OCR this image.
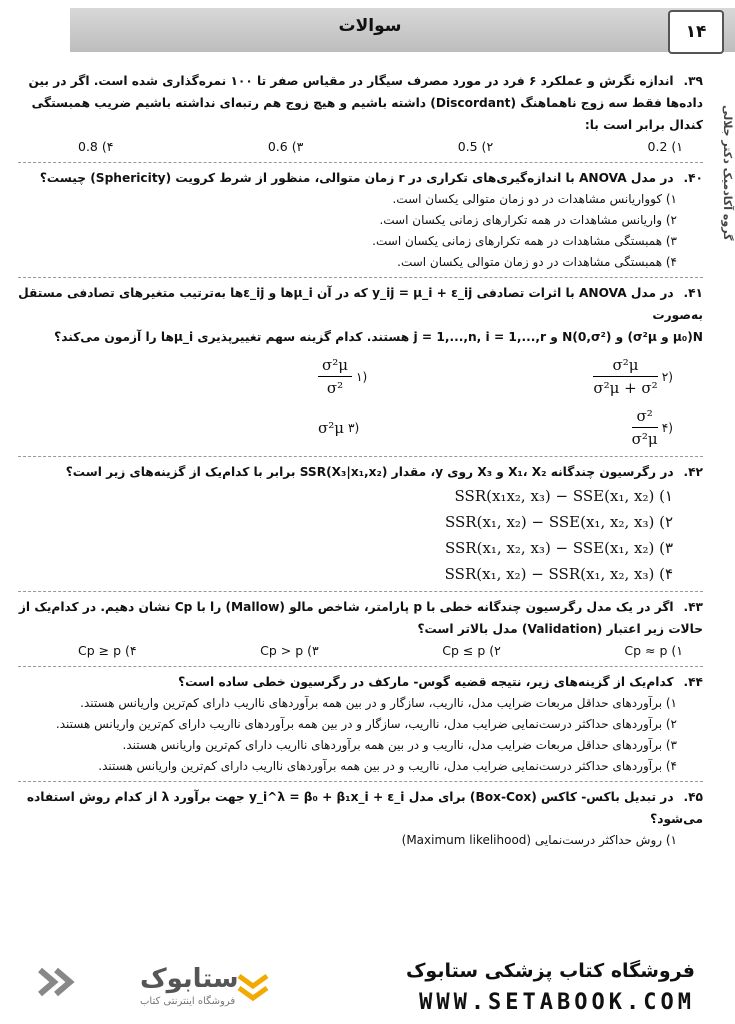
سوالات	۱۴
گروه آکادمیک دکتر جلالی
۳۹. اندازه نگرش و عملکرد ۶ فرد در مورد مصرف سیگار در مقیاس صفر تا ۱۰۰ نمره‌گذاری شده است. اگر در بین داده‌ها فقط سه زوج ناهماهنگ (Discordant) داشته باشیم و هیچ زوج هم رتبه‌ای نداشته باشیم ضریب همبستگی کندال برابر است با:
۱) 0.2
۲) 0.5
۳) 0.6
۴) 0.8
۴۰. در مدل ANOVA با اندازه‌گیری‌های تکراری در r زمان متوالی، منظور از شرط کرویت (Sphericity) چیست؟
۱) کوواریانس مشاهدات در دو زمان متوالی یکسان است.
۲) واریانس مشاهدات در همه تکرارهای زمانی یکسان است.
۳) همبستگی مشاهدات در همه تکرارهای زمانی یکسان است.
۴) همبستگی مشاهدات در دو زمان متوالی یکسان است.
۴۱. در مدل ANOVA با اثرات تصادفی y_ij = μ_i + ε_ij که در آن μ_iها و ε_ijها به‌ترتیب متغیرهای تصادفی مستقل به‌صورت
N(μ₀ و σ²μ) و N(0,σ²) و j = 1,...,n, i = 1,...,r هستند. کدام گزینه سهم تغییرپذیری μ_iها را آزمون می‌کند؟
$\frac{\text{σ²μ}}{\text{σ²μ + σ²}}$ ۲)
$\frac{\text{σ²μ}}{\text{σ²}}$ ۱)
$\frac{\text{σ²}}{\text{σ²μ}}$ ۴)
σ²μ ۳)
۴۲. در رگرسیون چندگانه X₁، X₂ و X₃ روی y، مقدار SSR(X₃|x₁,x₂) برابر با کدام‌یک از گزینه‌های زیر است؟
SSR(x₁x₂, x₃) − SSE(x₁, x₂) (۱
SSR(x₁, x₂) − SSE(x₁, x₂, x₃) (۲
SSR(x₁, x₂, x₃) − SSE(x₁, x₂) (۳
SSR(x₁, x₂) − SSR(x₁, x₂, x₃) (۴
۴۳. اگر در یک مدل رگرسیون چندگانه خطی با p پارامتر، شاخص مالو (Mallow) را با Cp نشان دهیم. در کدام‌یک از حالات زیر اعتبار (Validation) مدل بالاتر است؟
۱) Cp ≈ p
۲) Cp ≤ p
۳) Cp > p
۴) Cp ≥ p
۴۴. کدام‌یک از گزینه‌های زیر، نتیجه قضیه گوس- مارکف در رگرسیون خطی ساده است؟
۱) برآوردهای حداقل مربعات ضرایب مدل، نااریب، سازگار و در بین همه برآوردهای نااریب دارای کم‌ترین واریانس هستند.
۲) برآوردهای حداکثر درست‌نمایی ضرایب مدل، نااریب، سازگار و در بین همه برآوردهای نااریب دارای کم‌ترین واریانس هستند.
۳) برآوردهای حداقل مربعات ضرایب مدل، نااریب و در بین همه برآوردهای نااریب دارای کم‌ترین واریانس هستند.
۴) برآوردهای حداکثر درست‌نمایی ضرایب مدل، نااریب و در بین همه برآوردهای نااریب دارای کم‌ترین واریانس هستند.
۴۵. در تبدیل باکس- کاکس (Box-Cox) برای مدل y_i^λ = β₀ + β₁x_i + ε_i جهت برآورد λ از کدام روش استفاده می‌شود؟
۱) روش حداکثر درست‌نمایی (Maximum likelihood)
ستابوک
فروشگاه اینترنتی کتاب
فروشگاه کتاب پزشکی ستابوک
WWW.SETABOOK.COM
